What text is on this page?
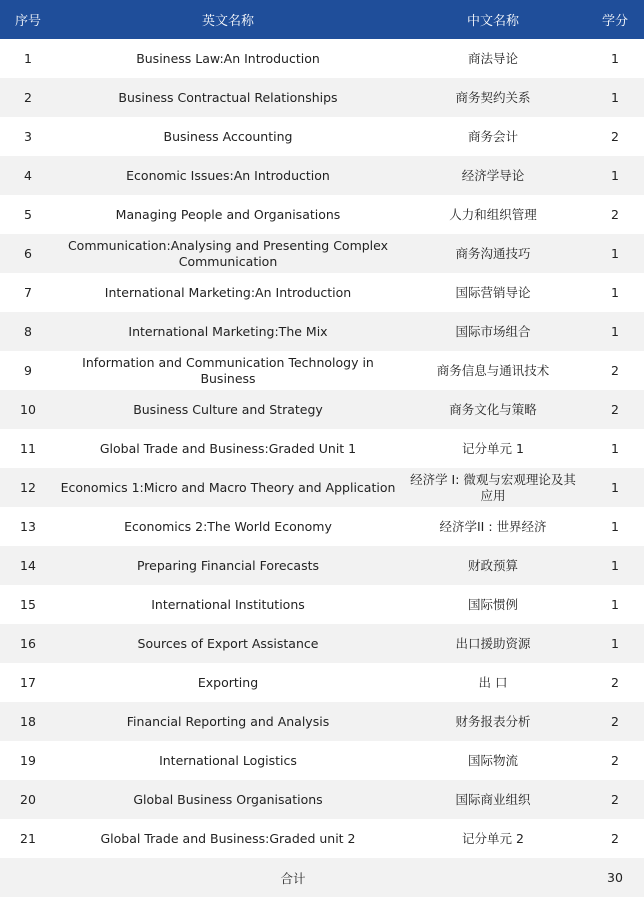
序号	英文名称	中文名称	学分
1	Business Law:An Introduction	商法导论	1
2	Business Contractual Relationships	商务契约关系	1
3	Business Accounting	商务会计	2
4	Economic Issues:An Introduction	经济学导论	1
5	Managing People and Organisations	人力和组织管理	2
6	Communication:Analysing and Presenting Complex Communication	商务沟通技巧	1
7	International Marketing:An Introduction	国际营销导论	1
8	International Marketing:The Mix	国际市场组合	1
9	Information and Communication Technology in Business	商务信息与通讯技术	2
10	Business Culture and Strategy	商务文化与策略	2
11	Global Trade and Business:Graded Unit 1	记分单元 1	1
12	Economics 1:Micro and Macro Theory and Application	经济学 I: 微观与宏观理论及其应用	1
13	Economics 2:The World Economy	经济学II : 世界经济	1
14	Preparing Financial Forecasts	财政预算	1
15	International Institutions	国际惯例	1
16	Sources of Export Assistance	出口援助资源	1
17	Exporting	出 口	2
18	Financial Reporting and Analysis	财务报表分析	2
19	International Logistics	国际物流	2
20	Global Business Organisations	国际商业组织	2
21	Global Trade and Business:Graded unit 2	记分单元 2	2
合计			30
